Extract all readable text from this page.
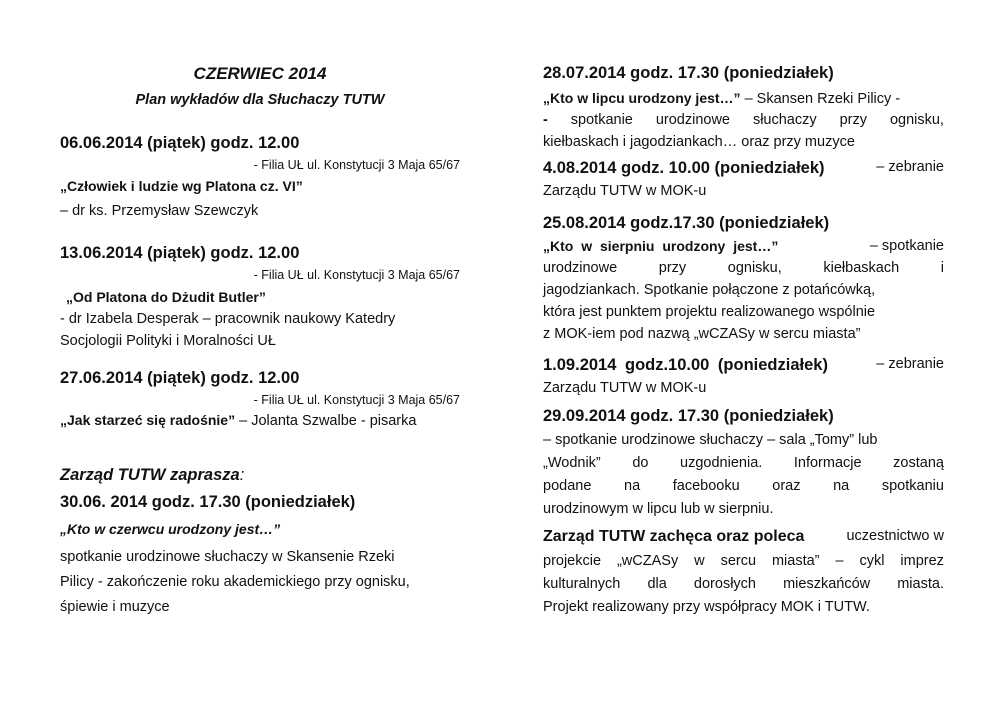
CZERWIEC 2014
Plan wykładów dla Słuchaczy TUTW
06.06.2014 (piątek) godz. 12.00
- Filia UŁ ul. Konstytucji 3 Maja 65/67
„Człowiek i ludzie wg Platona cz. VI”
– dr ks. Przemysław Szewczyk
13.06.2014 (piątek) godz. 12.00
- Filia UŁ ul. Konstytucji 3 Maja 65/67
„Od Platona do Dżudit Butler”
- dr Izabela Desperak – pracownik naukowy Katedry
Socjologii Polityki i Moralności UŁ
27.06.2014 (piątek) godz. 12.00
- Filia UŁ ul. Konstytucji 3 Maja 65/67
„Jak starzeć się radośnie” – Jolanta Szwalbe - pisarka
Zarząd TUTW zaprasza:
30.06. 2014 godz. 17.30 (poniedziałek)
„Kto w czerwcu urodzony jest…”
spotkanie urodzinowe słuchaczy w Skansenie Rzeki
Pilicy - zakończenie roku akademickiego przy ognisku,
śpiewie i muzyce
28.07.2014 godz. 17.30 (poniedziałek)
„Kto w lipcu urodzony jest…” – Skansen Rzeki Pilicy -
- spotkanie urodzinowe słuchaczy przy ognisku,
kiełbaskach i jagodziankach… oraz przy muzyce
4.08.2014 godz. 10.00 (poniedziałek)	– zebranie
Zarządu TUTW w MOK-u
25.08.2014 godz.17.30 (poniedziałek)
„Kto w sierpniu urodzony jest…”	– spotkanie
urodzinowe	przy	ognisku,	kiełbaskach	i
jagodziankach. Spotkanie połączone z potańcówką,
która jest punktem projektu realizowanego wspólnie
z MOK-iem pod nazwą „wCZASy w sercu miasta”
1.09.2014 godz.10.00 (poniedziałek)	– zebranie
Zarządu TUTW w MOK-u
29.09.2014 godz. 17.30 (poniedziałek)
– spotkanie urodzinowe słuchaczy – sala „Tomy” lub
„Wodnik” do uzgodnienia. Informacje zostaną
podane na facebooku oraz na spotkaniu
urodzinowym w lipcu lub w sierpniu.
Zarząd TUTW zachęca oraz poleca	uczestnictwo w
projekcie „wCZASy w sercu miasta” – cykl imprez
kulturalnych dla dorosłych mieszkańców miasta.
Projekt realizowany przy współpracy MOK i TUTW.
